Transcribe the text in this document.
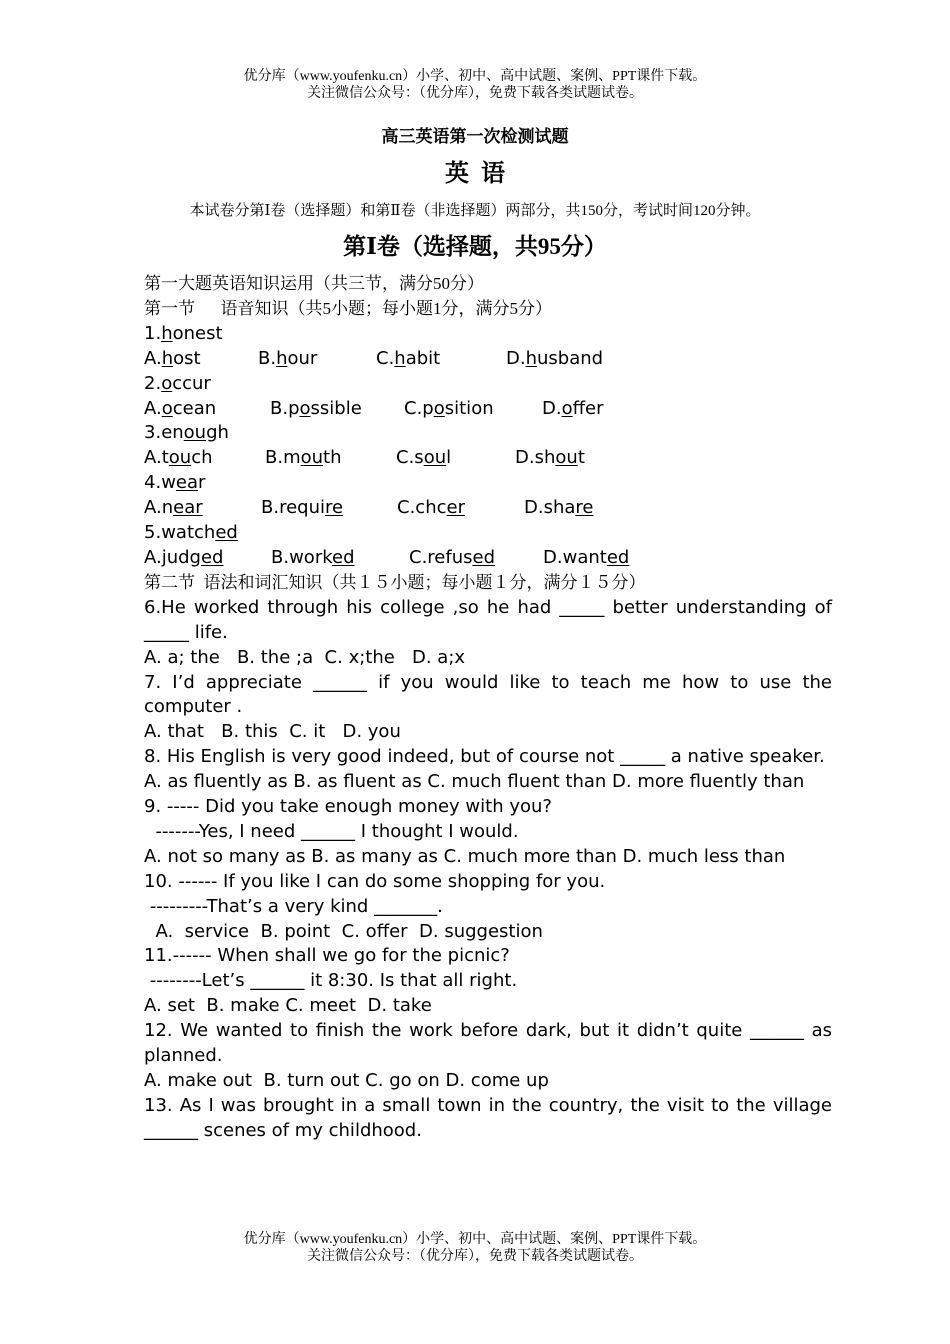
优分库（www.youfenku.cn）小学、初中、高中试题、案例、PPT课件下载。
关注微信公众号：（优分库），免费下载各类试题试卷。
高三英语第一次检测试题
英  语
本试卷分第Ⅰ卷（选择题）和第Ⅱ卷（非选择题）两部分，共150分，考试时间120分钟。
第Ⅰ卷（选择题，共95分）
第一大题英语知识运用（共三节，满分50分）
第一节      语音知识（共5小题；每小题1分，满分5分）
1.honest
A.host	B.hour	C.habit	D.husband
2.occur
A.ocean	B.possible	C.position	D.offer
3.enough
A.touch	B.mouth	C.soul	D.shout
4.wear
A.near	B.require	C.chcer	D.share
5.watched
A.judged	B.worked	C.refused	D.wanted
第二节  语法和词汇知识（共１５小题；每小题１分，满分１５分）
6.He worked through his college ,so he had _____ better understanding of _____ life.
A. a; the   B. the ;a  C. x;the   D. a;x
7. I’d appreciate ______ if you would like to teach me how to use the computer .
A. that   B. this  C. it   D. you
8. His English is very good indeed, but of course not _____ a native speaker.
A. as fluently as B. as fluent as C. much fluent than D. more fluently than
9. ----- Did you take enough money with you?
-------Yes, I need ______ I thought I would.
A. not so many as B. as many as C. much more than D. much less than
10. ------ If you like I can do some shopping for you.
---------That’s a very kind _______.
A.  service  B. point  C. offer  D. suggestion
11.------ When shall we go for the picnic?
--------Let’s ______ it 8:30. Is that all right.
A. set  B. make C. meet  D. take
12. We wanted to finish the work before dark, but it didn’t quite ______ as planned.
A. make out  B. turn out C. go on D. come up
13. As I was brought in a small town in the country, the visit to the village ______ scenes of my childhood.
优分库（www.youfenku.cn）小学、初中、高中试题、案例、PPT课件下载。
关注微信公众号：（优分库），免费下载各类试题试卷。
